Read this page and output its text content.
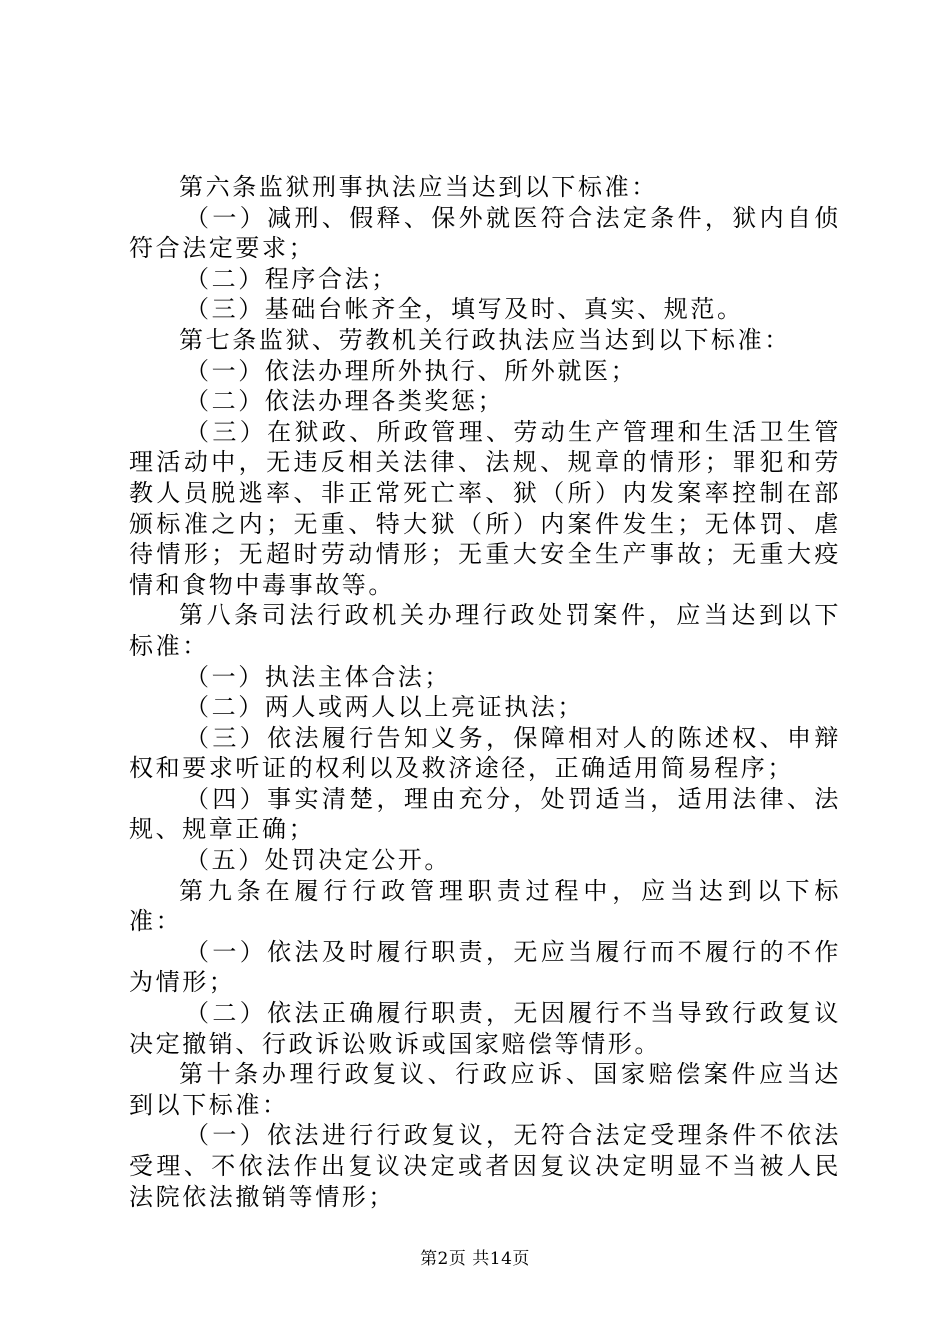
第六条监狱刑事执法应当达到以下标准：

（一）减刑、假释、保外就医符合法定条件，狱内自侦符合法定要求；

（二）程序合法；

（三）基础台帐齐全，填写及时、真实、规范。

第七条监狱、劳教机关行政执法应当达到以下标准：

（一）依法办理所外执行、所外就医；

（二）依法办理各类奖惩；

（三）在狱政、所政管理、劳动生产管理和生活卫生管理活动中，无违反相关法律、法规、规章的情形；罪犯和劳教人员脱逃率、非正常死亡率、狱（所）内发案率控制在部颁标准之内；无重、特大狱（所）内案件发生；无体罚、虐待情形；无超时劳动情形；无重大安全生产事故；无重大疫情和食物中毒事故等。

第八条司法行政机关办理行政处罚案件，应当达到以下标准：

（一）执法主体合法；

（二）两人或两人以上亮证执法；

（三）依法履行告知义务，保障相对人的陈述权、申辩权和要求听证的权利以及救济途径，正确适用简易程序；

（四）事实清楚，理由充分，处罚适当，适用法律、法规、规章正确；

（五）处罚决定公开。

第九条在履行行政管理职责过程中，应当达到以下标准：

（一）依法及时履行职责，无应当履行而不履行的不作为情形；

（二）依法正确履行职责，无因履行不当导致行政复议决定撤销、行政诉讼败诉或国家赔偿等情形。

第十条办理行政复议、行政应诉、国家赔偿案件应当达到以下标准：

（一）依法进行行政复议，无符合法定受理条件不依法受理、不依法作出复议决定或者因复议决定明显不当被人民法院依法撤销等情形；

第2页 共14页
